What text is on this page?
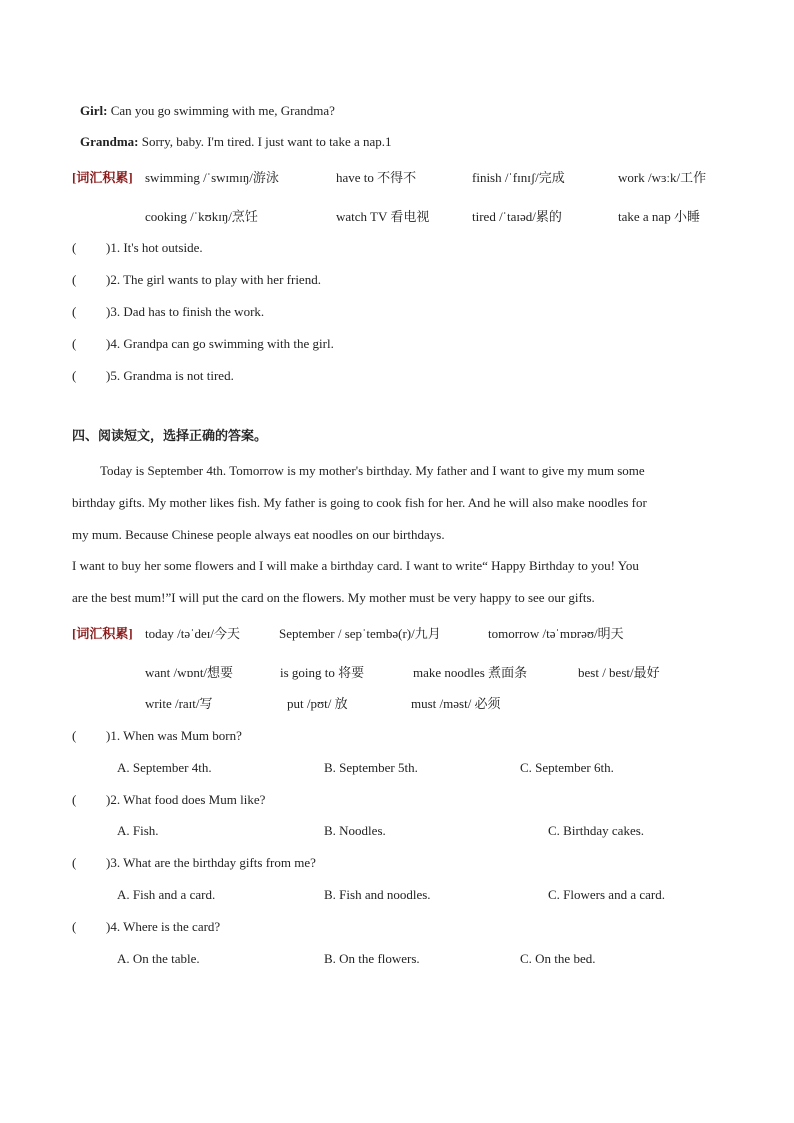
Girl: Can you go swimming with me, Grandma?
Grandma: Sorry, baby. I'm tired. I just want to take a nap.1
[词汇积累] swimming /ˈswɪmɪŋ/游泳	have to 不得不	finish /ˈfɪnɪʃ/完成	work /wɜːk/工作
cooking /ˈkʊkɪŋ/烹饪	watch TV 看电视	tired /ˈtaɪəd/累的	take a nap 小睡
( )1. It's hot outside.
( )2. The girl wants to play with her friend.
( )3. Dad has to finish the work.
( )4. Grandpa can go swimming with the girl.
( )5. Grandma is not tired.
四、阅读短文，选择正确的答案。
Today is September 4th. Tomorrow is my mother's birthday. My father and I want to give my mum some
birthday gifts. My mother likes fish. My father is going to cook fish for her. And he will also make noodles for
my mum. Because Chinese people always eat noodles on our birthdays.
I want to buy her some flowers and I will make a birthday card. I want to write“ Happy Birthday to you! You
are the best mum!”I will put the card on the flowers. My mother must be very happy to see our gifts.
[词汇积累] today /təˈdeɪ/今天	September / sepˈtembə(r)/九月	tomorrow /təˈmɒrəʊ/明天
want /wɒnt/想要	is going to 将要	make noodles 煮面条	best / best/最好
write /raɪt/写	put /pʊt/ 放	must /məst/ 必须
( )1. When was Mum born?
A. September 4th.	B. September 5th.	C. September 6th.
( )2. What food does Mum like?
A. Fish.	B. Noodles.	C. Birthday cakes.
( )3. What are the birthday gifts from me?
A. Fish and a card.	B. Fish and noodles.	C. Flowers and a card.
( )4. Where is the card?
A. On the table.	B. On the flowers.	C. On the bed.
